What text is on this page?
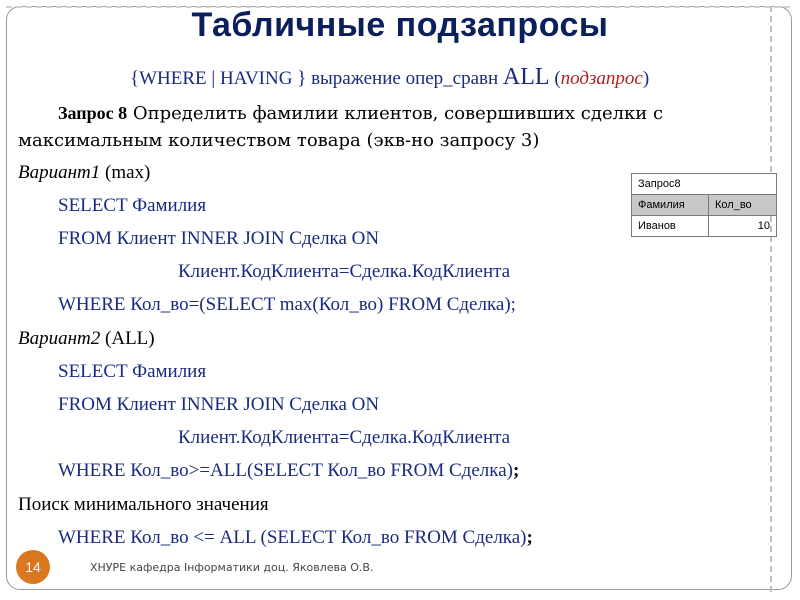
Табличные подзапросы
{WHERE | HAVING } выражение опер_сравн ALL (подзапрос)
Запрос 8 Определить фамилии клиентов, совершивших сделки с максимальным количеством товара (экв-но запросу 3)
Вариант1 (max)
SELECT Фамилия
FROM Клиент INNER JOIN Сделка ON
Клиент.КодКлиента=Сделка.КодКлиента
WHERE Кол_во=(SELECT max(Кол_во) FROM Сделка);
Вариант2 (ALL)
SELECT Фамилия
FROM Клиент INNER JOIN Сделка ON
Клиент.КодКлиента=Сделка.КодКлиента
WHERE Кол_во>=ALL(SELECT Кол_во FROM Сделка);
Поиск минимального значения
WHERE Кол_во <= ALL (SELECT Кол_во FROM Сделка);
Запрос8	
Фамилия	Кол_во
Иванов	10
14	ХНУРЕ кафедра Інформатики доц. Яковлева О.В.
